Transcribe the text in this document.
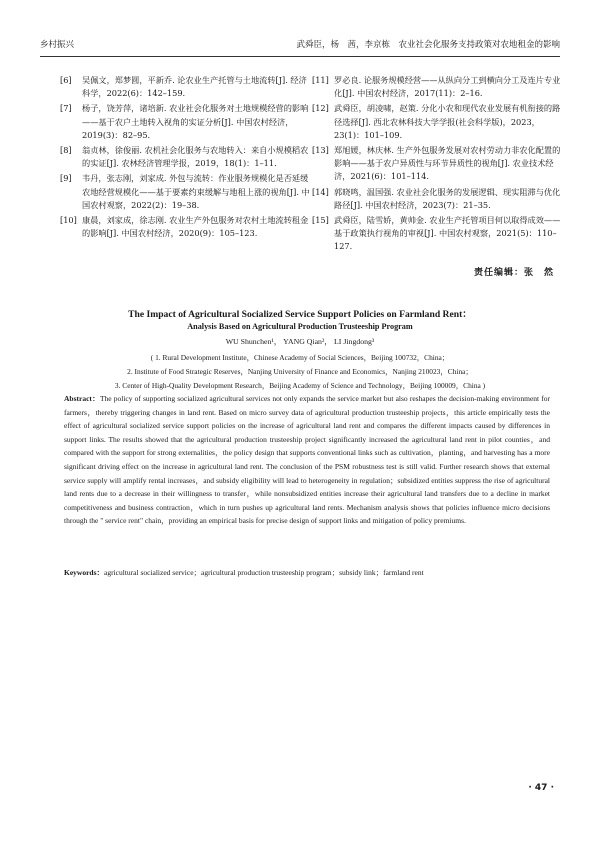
乡村振兴	武舜臣，杨　茜，李京栋　农业社会化服务支持政策对农地租金的影响
[6] 吴佩文，郑梦圆，平新乔. 论农业生产托管与土地流转[J]. 经济科学，2022(6)：142–159.
[7] 杨子，饶芳萍，诸培新. 农业社会化服务对土地规模经营的影响——基于农户土地转入视角的实证分析[J]. 中国农村经济，2019(3)：82–95.
[8] 翁贞林，徐俊丽. 农机社会化服务与农地转入：来自小规模稻农的实证[J]. 农林经济管理学报，2019，18(1)：1–11.
[9] 韦丹，张志刚，刘家成. 外包与流转：作业服务规模化是否延缓农地经营规模化——基于要素约束缓解与地租上涨的视角[J]. 中国农村观察，2022(2)：19–38.
[10] 康晨，刘家成，徐志刚. 农业生产外包服务对农村土地流转租金的影响[J]. 中国农村经济，2020(9)：105–123.
[11] 罗必良. 论服务规模经营——从纵向分工到横向分工及连片专业化[J]. 中国农村经济，2017(11)：2–16.
[12] 武舜臣，胡凌啸，赵策. 分化小农和现代农业发展有机衔接的路径选择[J]. 西北农林科技大学学报(社会科学版)，2023，23(1)：101–109.
[13] 郑旭媛，林庆林. 生产外包服务发展对农村劳动力非农化配置的影响——基于农户异质性与环节异质性的视角[J]. 农业技术经济，2021(6)：101–114.
[14] 郭晓鸣，温国强. 农业社会化服务的发展逻辑、现实阻滞与优化路径[J]. 中国农村经济，2023(7)：21–35.
[15] 武舜臣，陆雪娇，黄帅金. 农业生产托管项目何以取得成效——基于政策执行视角的审视[J]. 中国农村观察，2021(5)：110–127.
责任编辑：张　然
The Impact of Agricultural Socialized Service Support Policies on Farmland Rent：
Analysis Based on Agricultural Production Trusteeship Program
WU Shunchen¹， YANG Qian²， LI Jingdong³
( 1. Rural Development Institute，Chinese Academy of Social Sciences，Beijing 100732，China；
2. Institute of Food Strategic Reserves，Nanjing University of Finance and Economics，Nanjing 210023，China；
3. Center of High-Quality Development Research，Beijing Academy of Science and Technology，Beijing 100009，China )
Abstract：The policy of supporting socialized agricultural services not only expands the service market but also reshapes the decision-making environment for farmers，thereby triggering changes in land rent. Based on micro survey data of agricultural production trusteeship projects，this article empirically tests the effect of agricultural socialized service support policies on the increase of agricultural land rent and compares the different impacts caused by differences in support links. The results showed that the agricultural production trusteeship project significantly increased the agricultural land rent in pilot counties，and compared with the support for strong externalities，the policy design that supports conventional links such as cultivation，planting，and harvesting has a more significant driving effect on the increase in agricultural land rent. The conclusion of the PSM robustness test is still valid. Further research shows that external service supply will amplify rental increases，and subsidy eligibility will lead to heterogeneity in regulation；subsidized entities suppress the rise of agricultural land rents due to a decrease in their willingness to transfer，while nonsubsidized entities increase their agricultural land transfers due to a decline in market competitiveness and business contraction，which in turn pushes up agricultural land rents. Mechanism analysis shows that policies influence micro decisions through the " service rent" chain，providing an empirical basis for precise design of support links and mitigation of policy premiums.
Keywords：agricultural socialized service；agricultural production trusteeship program；subsidy link；farmland rent
· 47 ·
